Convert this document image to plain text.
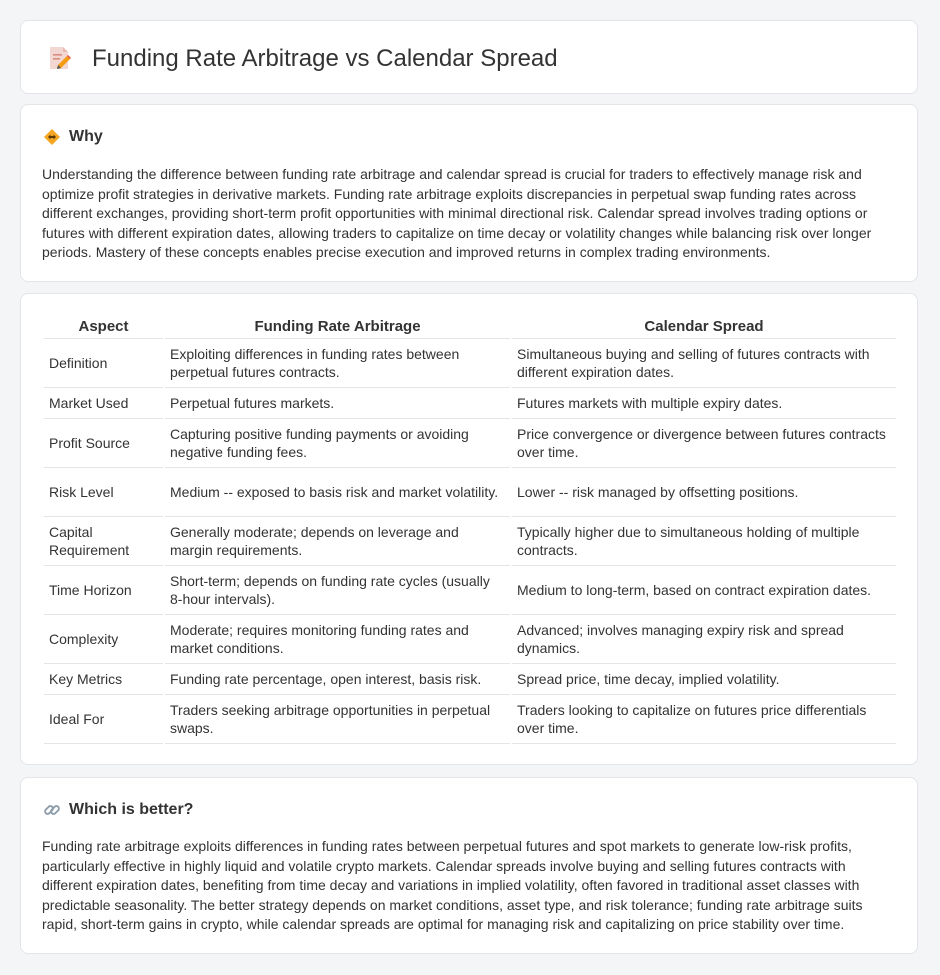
Funding Rate Arbitrage vs Calendar Spread
Why

Understanding the difference between funding rate arbitrage and calendar spread is crucial for traders to effectively manage risk and optimize profit strategies in derivative markets. Funding rate arbitrage exploits discrepancies in perpetual swap funding rates across different exchanges, providing short-term profit opportunities with minimal directional risk. Calendar spread involves trading options or futures with different expiration dates, allowing traders to capitalize on time decay or volatility changes while balancing risk over longer periods. Mastery of these concepts enables precise execution and improved returns in complex trading environments.

Aspect	Funding Rate Arbitrage	Calendar Spread
Definition	Exploiting differences in funding rates between perpetual futures contracts.	Simultaneous buying and selling of futures contracts with different expiration dates.
Market Used	Perpetual futures markets.	Futures markets with multiple expiry dates.
Profit Source	Capturing positive funding payments or avoiding negative funding fees.	Price convergence or divergence between futures contracts over time.
Risk Level	Medium -- exposed to basis risk and market volatility.	Lower -- risk managed by offsetting positions.
Capital Requirement	Generally moderate; depends on leverage and margin requirements.	Typically higher due to simultaneous holding of multiple contracts.
Time Horizon	Short-term; depends on funding rate cycles (usually 8-hour intervals).	Medium to long-term, based on contract expiration dates.
Complexity	Moderate; requires monitoring funding rates and market conditions.	Advanced; involves managing expiry risk and spread dynamics.
Key Metrics	Funding rate percentage, open interest, basis risk.	Spread price, time decay, implied volatility.
Ideal For	Traders seeking arbitrage opportunities in perpetual swaps.	Traders looking to capitalize on futures price differentials over time.
Which is better?

Funding rate arbitrage exploits differences in funding rates between perpetual futures and spot markets to generate low-risk profits, particularly effective in highly liquid and volatile crypto markets. Calendar spreads involve buying and selling futures contracts with different expiration dates, benefiting from time decay and variations in implied volatility, often favored in traditional asset classes with predictable seasonality. The better strategy depends on market conditions, asset type, and risk tolerance; funding rate arbitrage suits rapid, short-term gains in crypto, while calendar spreads are optimal for managing risk and capitalizing on price stability over time.
